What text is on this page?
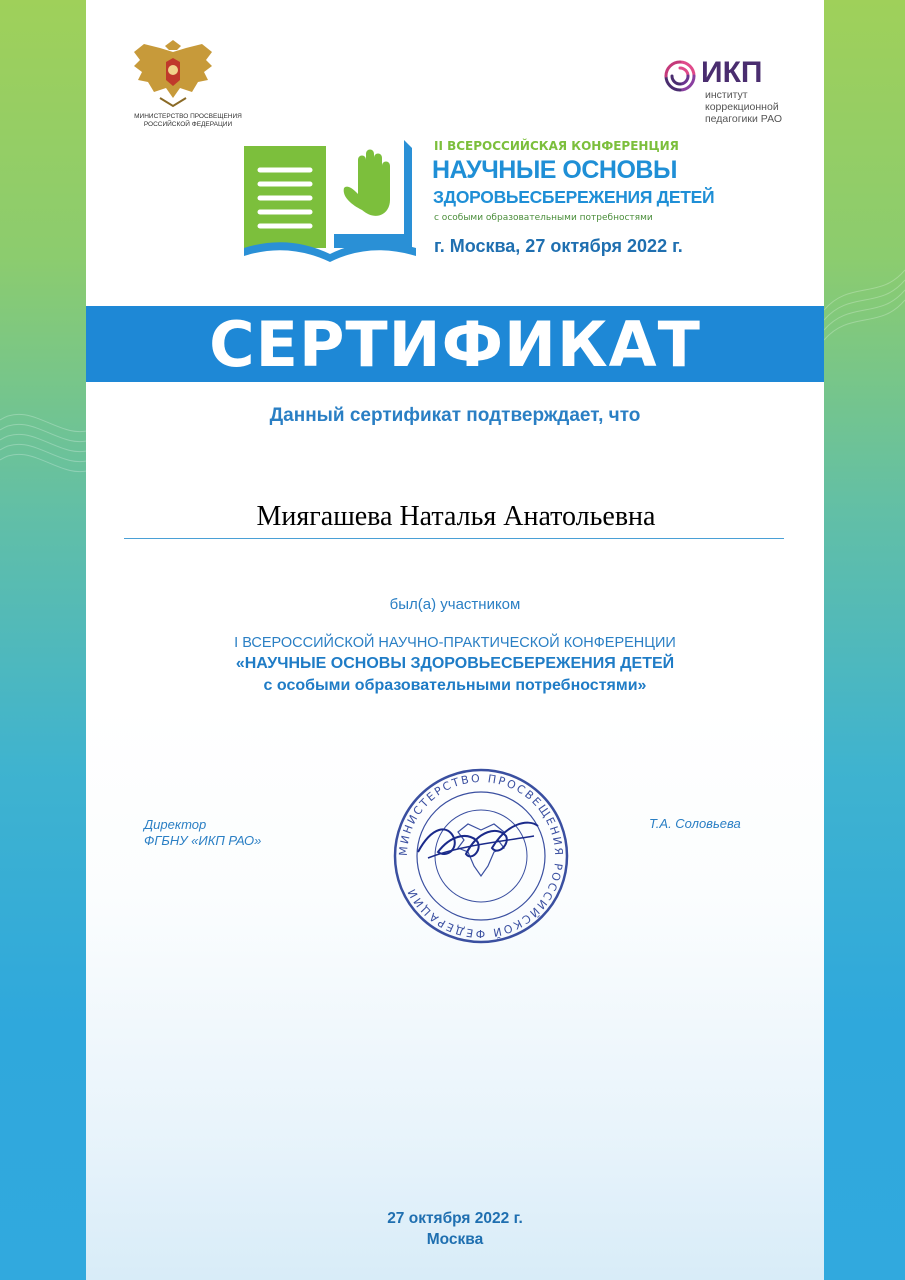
МИНИСТЕРСТВО ПРОСВЕЩЕНИЯ РОССИЙСКОЙ ФЕДЕРАЦИИ
ИКП
институт коррекционной педагогики РАО
II ВСЕРОССИЙСКАЯ КОНФЕРЕНЦИЯ
НАУЧНЫЕ ОСНОВЫ
ЗДОРОВЬЕСБЕРЕЖЕНИЯ ДЕТЕЙ
с особыми образовательными потребностями
г. Москва, 27 октября 2022 г.
СЕРТИФИКАТ
Данный сертификат подтверждает, что
Миягашева Наталья Анатольевна
был(а) участником
I ВСЕРОССИЙСКОЙ НАУЧНО-ПРАКТИЧЕСКОЙ КОНФЕРЕНЦИИ
«НАУЧНЫЕ ОСНОВЫ ЗДОРОВЬЕСБЕРЕЖЕНИЯ ДЕТЕЙ
с особыми образовательными потребностями»
Директор
ФГБНУ «ИКП РАО»
МИНИСТЕРСТВО ПРОСВЕЩЕНИЯ РОССИЙСКОЙ ФЕДЕРАЦИИ
Т.А. Соловьева
27 октября 2022 г.
Москва
